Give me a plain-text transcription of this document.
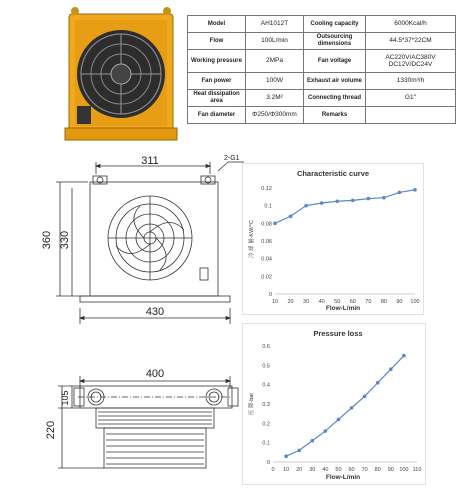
Model	AH1012T	Cooling capacity	6000Kcal/h
Flow	100L/min	Outsourcing dimensions	44.5*37*22CM
Working pressure	2MPa	Fan voltage	AC220V/AC380V DC12V/DC24V
Fan power	100W	Exhaust air volume	1330m³/h
Heat dissipation area	3.2M²	Connecting thread	G1"
Fan diameter	Φ250/Φ300mm	Remarks	
311	2-G1
360 330
430
400
220
105
Characteristic curve
Flow-L/min
冷 却 量-KW/°C
0
0.02
0.04
0.06
0.08
0.1
0.12
10 20 30 40 50 60 70 80 90 100
Pressure loss
Flow-L/min
压 降-bar
0
0.1
0.2
0.3
0.4
0.5
0.6
0 10 20 30 40 50 60 70 80 90 100 110
